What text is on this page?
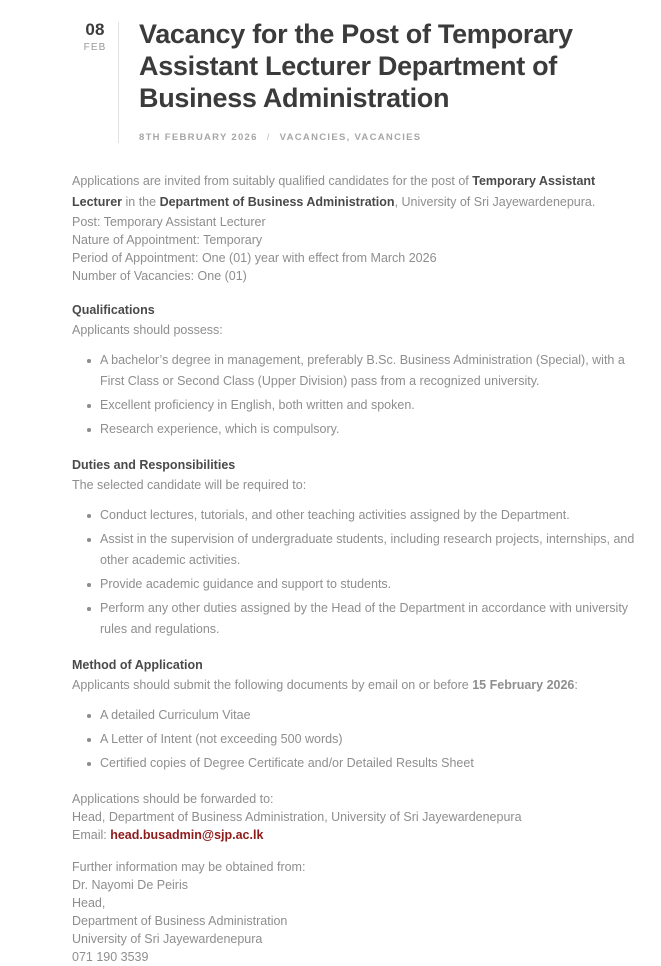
08
FEB	Vacancy for the Post of Temporary Assistant Lecturer Department of Business Administration
8TH FEBRUARY 2026 / VACANCIES, VACANCIES

Applications are invited from suitably qualified candidates for the post of Temporary Assistant Lecturer in the Department of Business Administration, University of Sri Jayewardenepura.

Post: Temporary Assistant Lecturer
Nature of Appointment: Temporary
Period of Appointment: One (01) year with effect from March 2026
Number of Vacancies: One (01)
Qualifications
Applicants should possess:
A bachelor’s degree in management, preferably B.Sc. Business Administration (Special), with a First Class or Second Class (Upper Division) pass from a recognized university.
Excellent proficiency in English, both written and spoken.
Research experience, which is compulsory.
Duties and Responsibilities
The selected candidate will be required to:
Conduct lectures, tutorials, and other teaching activities assigned by the Department.
Assist in the supervision of undergraduate students, including research projects, internships, and other academic activities.
Provide academic guidance and support to students.
Perform any other duties assigned by the Head of the Department in accordance with university rules and regulations.
Method of Application
Applicants should submit the following documents by email on or before 15 February 2026:
A detailed Curriculum Vitae
A Letter of Intent (not exceeding 500 words)
Certified copies of Degree Certificate and/or Detailed Results Sheet
Applications should be forwarded to:
Head, Department of Business Administration, University of Sri Jayewardenepura
Email: head.busadmin@sjp.ac.lk
Further information may be obtained from:
Dr. Nayomi De Peiris
Head,
Department of Business Administration
University of Sri Jayewardenepura
071 190 3539
